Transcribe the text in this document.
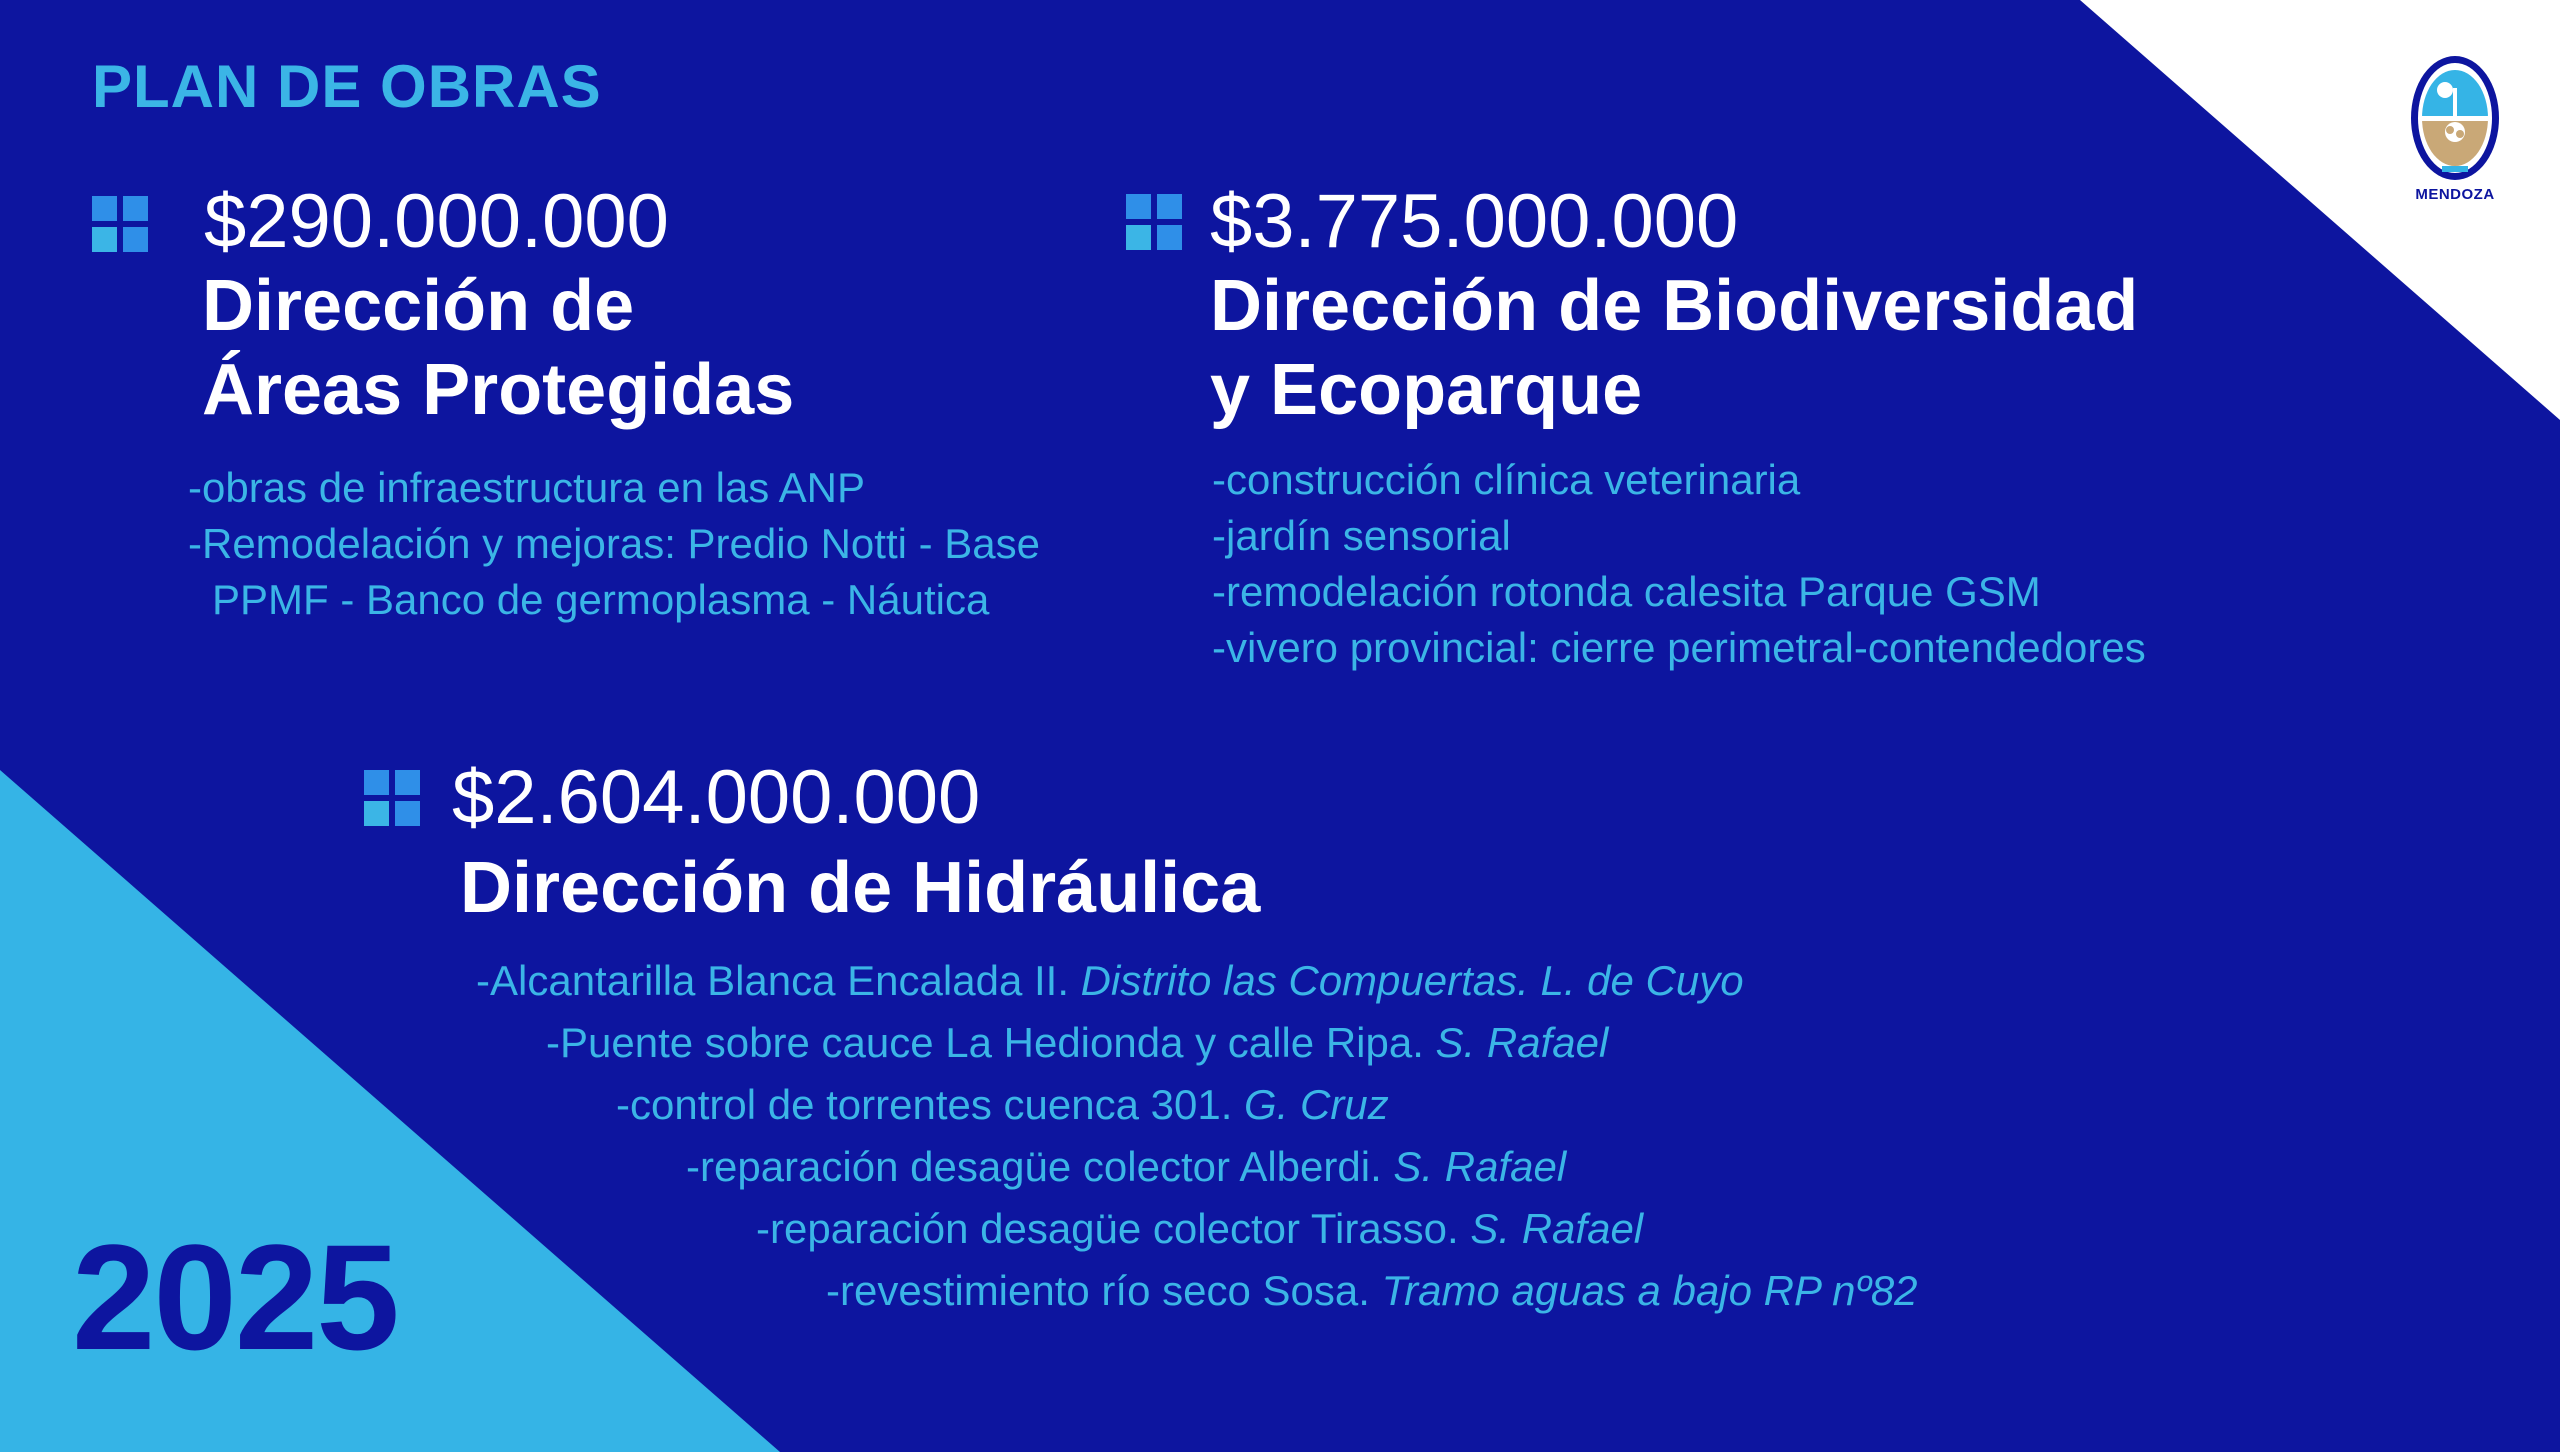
PLAN DE OBRAS
MENDOZA
$290.000.000
Dirección de
Áreas Protegidas
-obras de infraestructura en las ANP
-Remodelación y mejoras: Predio Notti - Base
PPMF - Banco de germoplasma - Náutica
$3.775.000.000
Dirección de Biodiversidad
y Ecoparque
-construcción clínica veterinaria
-jardín sensorial
-remodelación rotonda calesita Parque GSM
-vivero provincial: cierre perimetral-contendedores
$2.604.000.000
Dirección de Hidráulica
-Alcantarilla Blanca Encalada II. Distrito las Compuertas. L. de Cuyo
-Puente sobre cauce La Hedionda y calle Ripa. S. Rafael
-control de torrentes cuenca 301. G. Cruz
-reparación desagüe colector Alberdi. S. Rafael
-reparación desagüe colector Tirasso. S. Rafael
-revestimiento río seco Sosa. Tramo aguas a bajo RP nº82
2025
